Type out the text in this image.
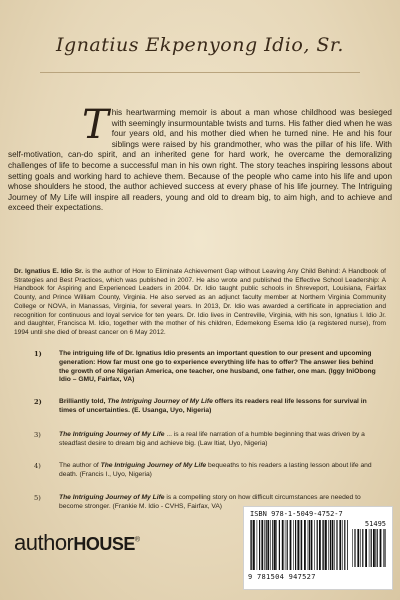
Ignatius Ekpenyong Idio, Sr.
T his heartwarming memoir is about a man whose childhood was besieged with seemingly insurmountable twists and turns. His father died when he was four years old, and his mother died when he turned nine. He and his four siblings were raised by his grandmother, who was the pillar of his life. With self-motivation, can-do spirit, and an inherited gene for hard work, he overcame the demoralizing challenges of life to become a successful man in his own right. The story teaches inspiring lessons about setting goals and working hard to achieve them. Because of the people who came into his life and upon whose shoulders he stood, the author achieved success at every phase of his life journey. The Intriguing Journey of My Life will inspire all readers, young and old to dream big, to aim high, and to achieve and exceed their expectations.
Dr. Ignatius E. Idio Sr. is the author of How to Eliminate Achievement Gap without Leaving Any Child Behind: A Handbook of Strategies and Best Practices, which was published in 2007. He also wrote and published the Effective School Leadership: A Handbook for Aspiring and Experienced Leaders in 2004. Dr. Idio taught public schools in Shreveport, Louisiana, Fairfax County, and Prince William County, Virginia. He also served as an adjunct faculty member at Northern Virginia Community College or NOVA, in Manassas, Virginia, for several years. In 2013, Dr. Idio was awarded a certificate in appreciation and recognition for continuous and loyal service for ten years. Dr. Idio lives in Centreville, Virginia, with his son, Ignatius I. Idio Jr. and daughter, Francisca M. Idio, together with the mother of his children, Edemekong Esema Idio (a registered nurse), from 1994 until she died of breast cancer on 6 May 2012.
1)	The intriguing life of Dr. Ignatius Idio presents an important question to our present and upcoming generation: How far must one go to experience everything life has to offer? The answer lies behind the growth of one Nigerian America, one teacher, one husband, one father, one man. (Iggy IniObong Idio – GMU, Fairfax, VA)
2)	Brilliantly told, The Intriguing Journey of My Life offers its readers real life lessons for survival in times of uncertainties. (E. Usanga, Uyo, Nigeria)
3)	The Intriguing Journey of My Life ... is a real life narration of a humble beginning that was driven by a steadfast desire to dream big and achieve big. (Law Itiat, Uyo, Nigeria)
4)	The author of The Intriguing Journey of My Life bequeaths to his readers a lasting lesson about life and death. (Francis I., Uyo, Nigeria)
5)	The Intriguing Journey of My Life is a compelling story on how difficult circumstances are needed to become stronger. (Frankie M. Idio - CVHS, Fairfax, VA)
authorHOUSE®
ISBN 978-1-5049-4752-7
51495
9 781504 947527
